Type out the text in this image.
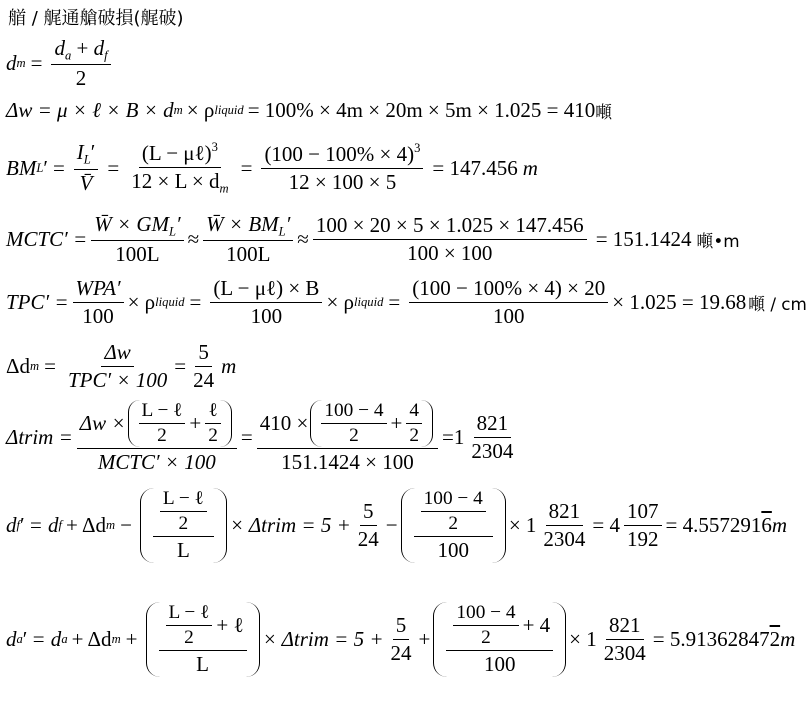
艏 / 艉通艙破損(艉破)
d $m = \frac{d_a + d_f}{2}$
Δw = μ × ℓ × B × d m × ρ liquid = 100% × 4m × 20m × 5m × 1.025 = 410 噸
BM L ′ = $\frac{I_L'}{V̄} = \frac{(L - \mu\ell)^3}{12 \times L \times d_m} = \frac{(100 - 100\% \times 4)^3}{12 \times 100 \times 5} = 147.456$ m
MCTC′ = $\frac{W̄ \times GM_L'}{100L} \approx \frac{W̄ \times BM_L'}{100L} \approx \frac{100 \times 20 \times 5 \times 1.025 \times 147.456}{100 \times 100} = 151.1424$ 噸•m
$TPC' = \frac{\text{WPA′}}{100} \times \rho$ liquid = $\frac{\text{(L − μℓ) × B}}{100} \times \rho$ liquid = $\frac{(100 - 100\% \times 4) \times 20}{100} \times 1.025 = 19.68$ 噸 / cm
Δd $m = \frac{\Delta w}{\text{TPC′ × 100}} = \frac{5}{24}$ m
Δtrim = $\frac{\Delta w \times \frac{\text{L − ℓ}}{2} + \frac{\text{ℓ}}{2}}{\text{MCTC′ × 100}} = \frac{410 \times \frac{100 - 4}{2} + \frac{4}{2}}{151.1424 \times 100} = 1 \frac{821}{2304}$
d f ′ = d f + Δd $m - \frac{\frac{\text{L − ℓ}}{2}}{L}$ × Δtrim = $5 + \frac{5}{24} - \frac{\frac{100 - 4}{2}}{100} \times 1 \frac{821}{2304} = 4 \frac{107}{192} = 4.557291$ 6 m
d a ′ = d a + Δd $m + \frac{\frac{\text{L − ℓ}}{2} + \ell}{L}$ × Δtrim = $5 + \frac{5}{24} + \frac{\frac{100 - 4}{2} + 4}{100} \times 1 \frac{821}{2304} = 5.91362847$ 2 m
